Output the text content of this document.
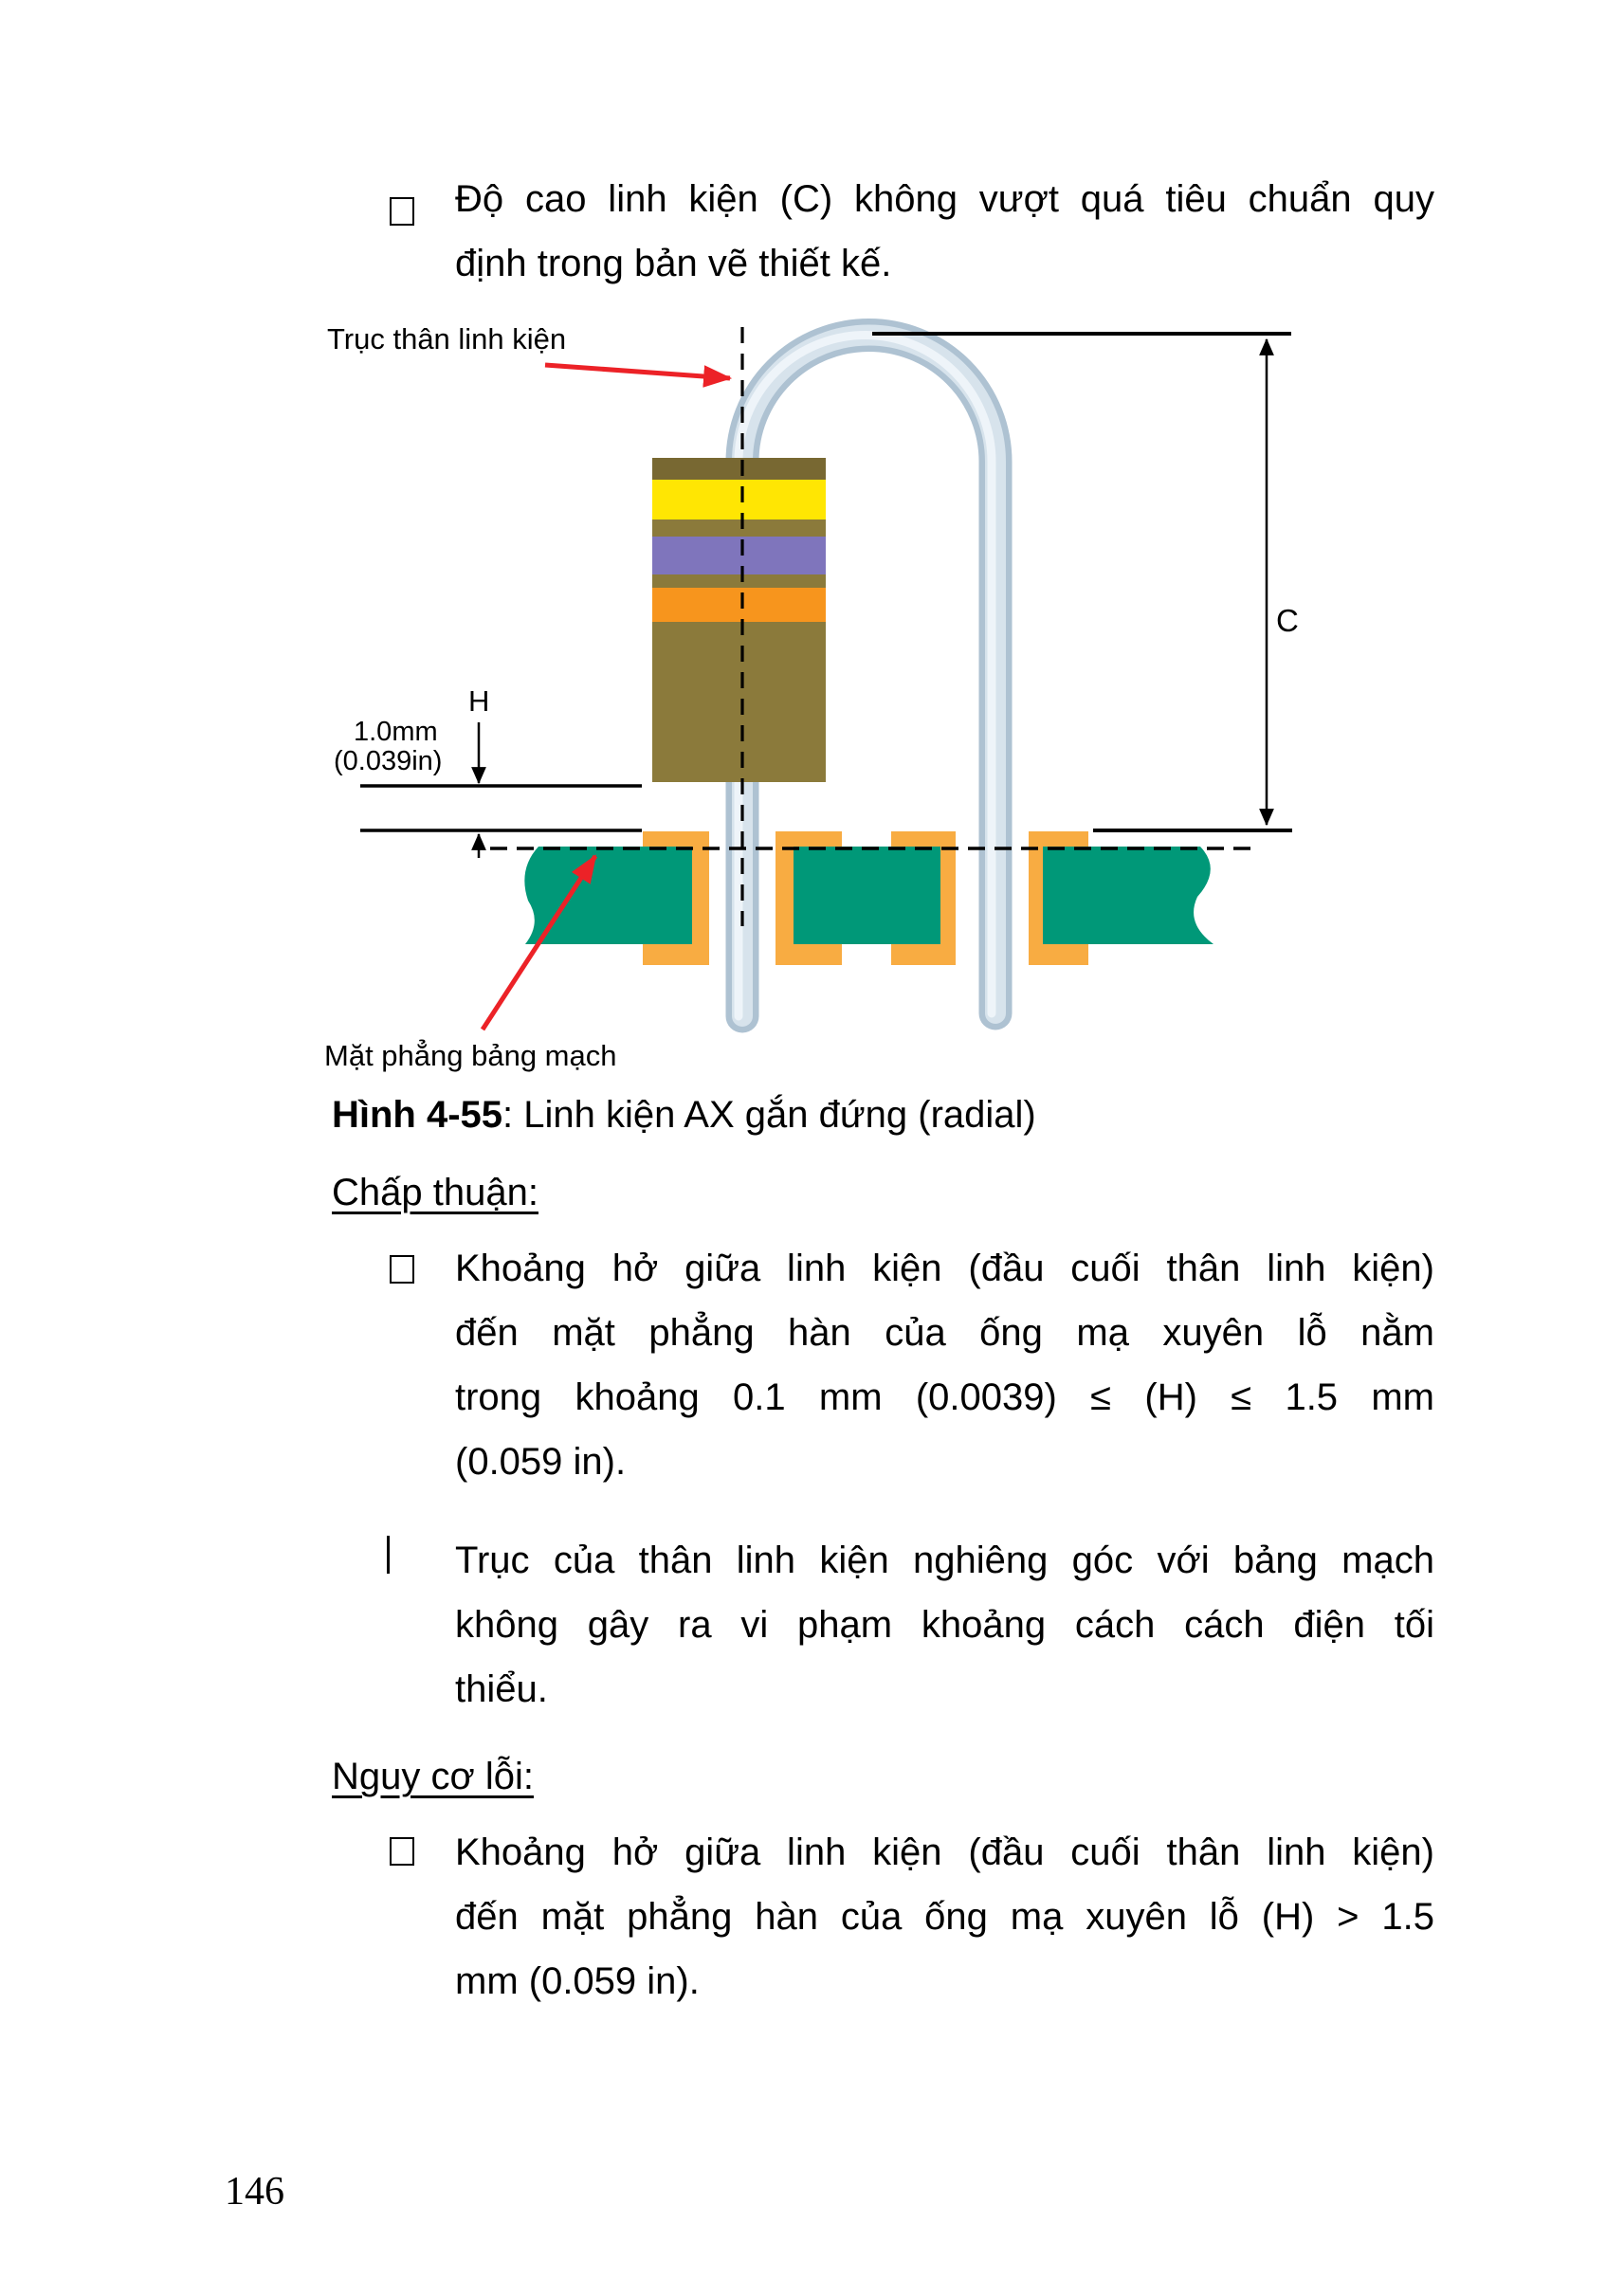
Độ cao linh kiện (C) không vượt quá tiêu chuẩn quy
định trong bản vẽ thiết kế.
Trục thân linh kiện
H
C
1.0mm
(0.039in)
Mặt phẳng bảng mạch
Hình 4-55: Linh kiện AX gắn đứng (radial)
Chấp thuận:
Khoảng hở giữa linh kiện (đầu cuối thân linh kiện)
đến mặt phẳng hàn của ống mạ xuyên lỗ nằm
trong khoảng 0.1 mm (0.0039) ≤ (H) ≤ 1.5 mm
(0.059 in).
Trục của thân linh kiện nghiêng góc với bảng mạch
không gây ra vi phạm khoảng cách cách điện tối
thiểu.
Nguy cơ lỗi:
Khoảng hở giữa linh kiện (đầu cuối thân linh kiện)
đến mặt phẳng hàn của ống mạ xuyên lỗ (H) > 1.5
mm (0.059 in).
146
